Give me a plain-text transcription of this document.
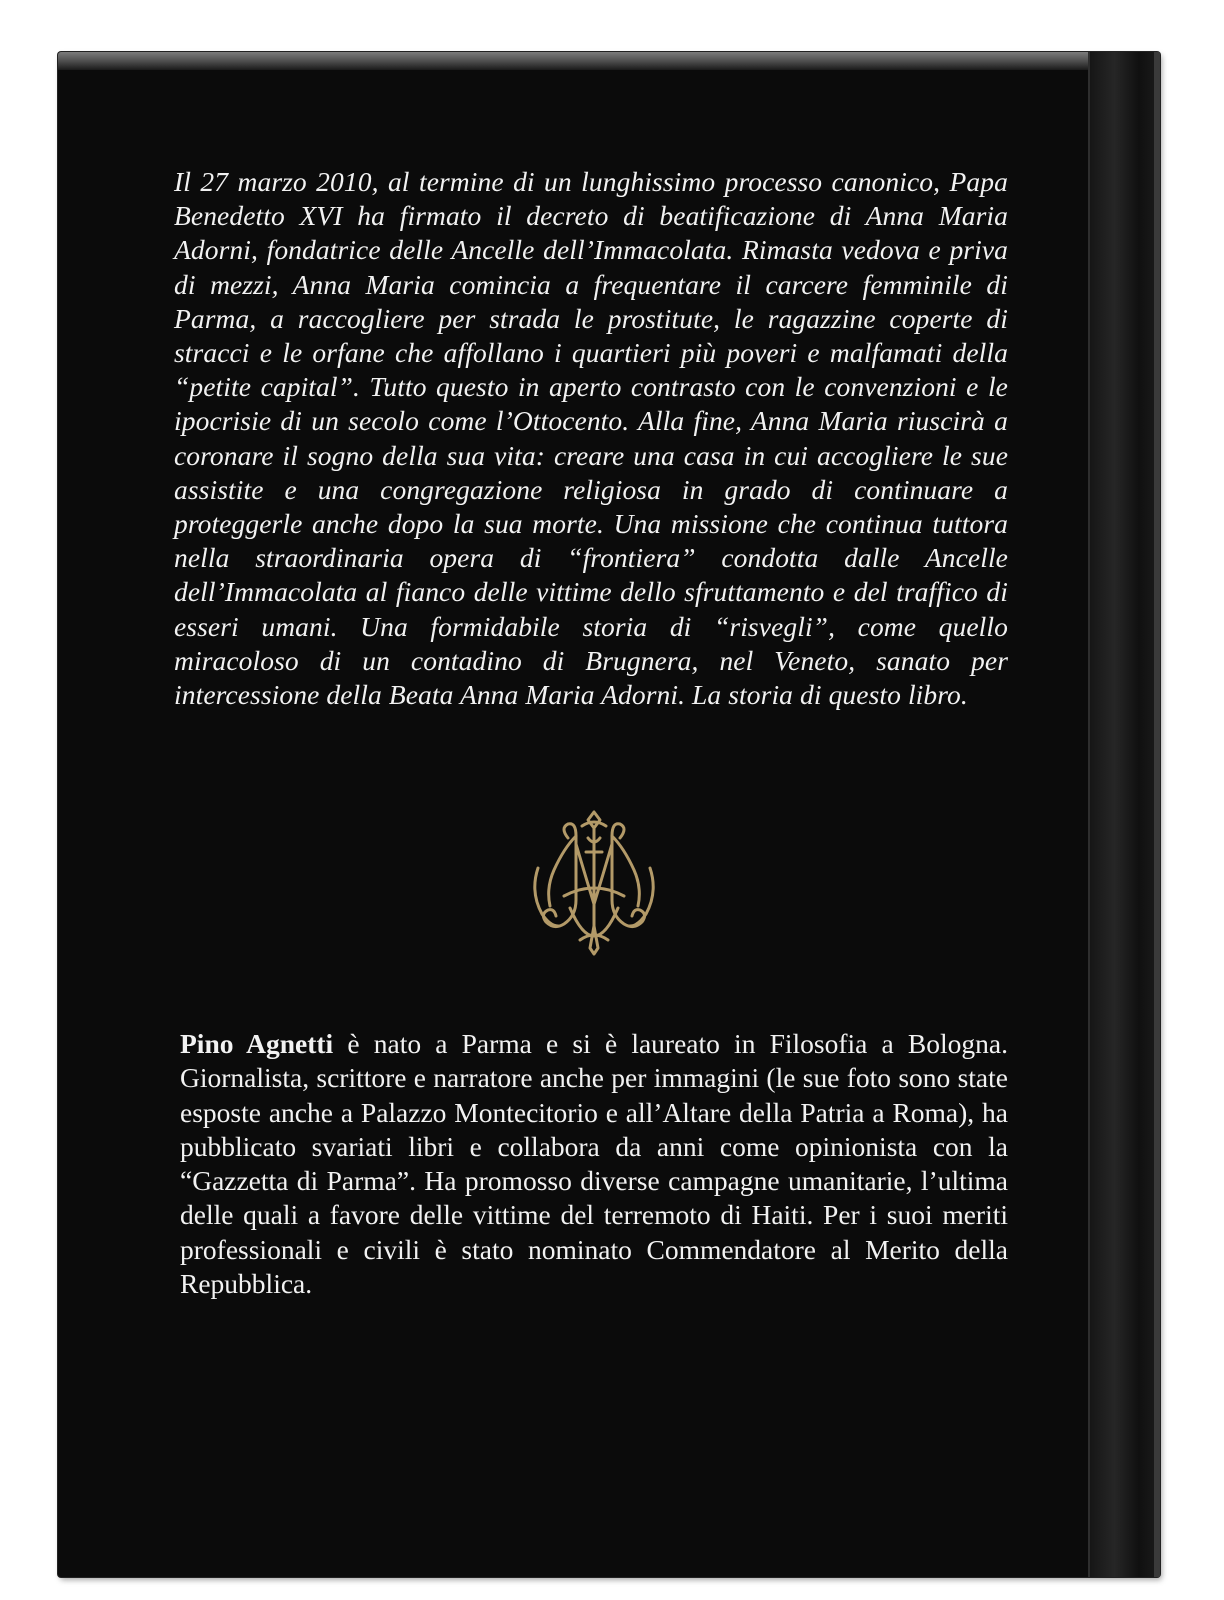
Il 27 marzo 2010, al termine di un lunghissimo processo canonico, Papa Benedetto XVI ha firmato il decreto di beatificazione di Anna Maria Adorni, fondatrice delle Ancelle dell’Immacolata. Rimasta vedova e priva di mezzi, Anna Maria comincia a frequentare il carcere femminile di Parma, a raccogliere per strada le prostitute, le ragazzine coperte di stracci e le orfane che affollano i quartieri più poveri e malfamati della “petite capital”. Tutto questo in aperto contrasto con le convenzioni e le ipocrisie di un secolo come l’Ottocento. Alla fine, Anna Maria riuscirà a coronare il sogno della sua vita: creare una casa in cui accogliere le sue assistite e una congregazione religiosa in grado di continuare a proteggerle anche dopo la sua morte. Una missione che continua tuttora nella straordinaria opera di “frontiera” condotta dalle Ancelle dell’Immacolata al fianco delle vittime dello sfruttamento e del traffico di esseri umani. Una formidabile storia di “risvegli”, come quello miracoloso di un contadino di Brugnera, nel Veneto, sanato per intercessione della Beata Anna Maria Adorni. La storia di questo libro.

Pino Agnetti è nato a Parma e si è laureato in Filosofia a Bologna. Giornalista, scrittore e narratore anche per immagini (le sue foto sono state esposte anche a Palazzo Montecitorio e all’Altare della Patria a Roma), ha pubblicato svariati libri e collabora da anni come opinionista con la “Gazzetta di Parma”. Ha promosso diverse campagne umanitarie, l’ultima delle quali a favore delle vittime del terremoto di Haiti. Per i suoi meriti professionali e civili è stato nominato Commendatore al Merito della Repubblica.
